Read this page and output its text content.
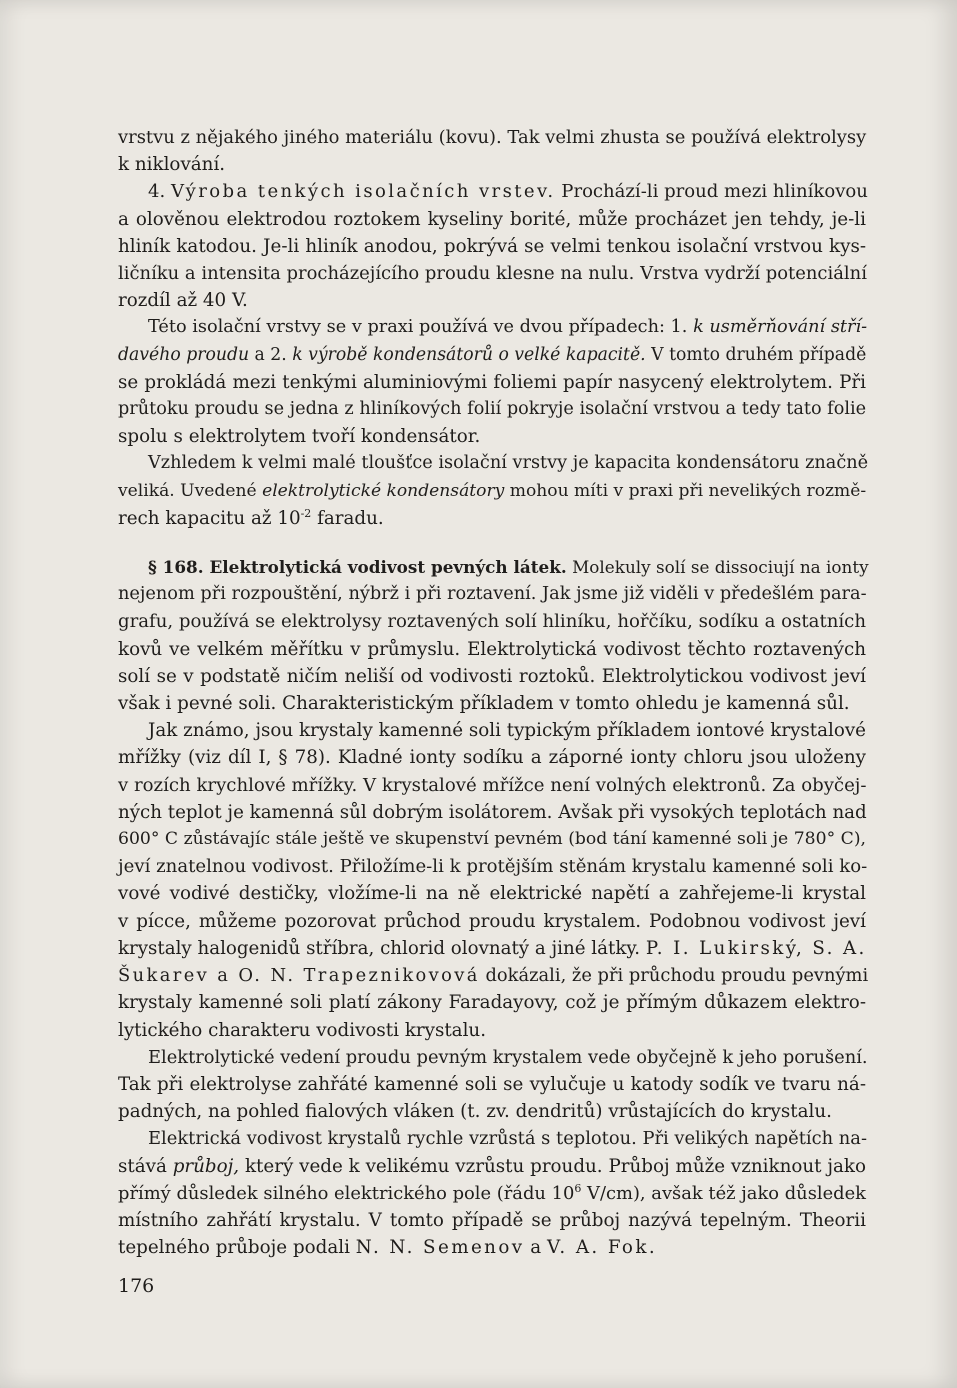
vrstvu z nějakého jiného materiálu (kovu). Tak velmi zhusta se používá elektrolysy
k niklování.

4. Výroba tenkých isolačních vrstev. Prochází-li proud mezi hliníkovou
a olověnou elektrodou roztokem kyseliny borité, může procházet jen tehdy, je-li
hliník katodou. Je-li hliník anodou, pokrývá se velmi tenkou isolační vrstvou kys-
ličníku a intensita procházejícího proudu klesne na nulu. Vrstva vydrží potenciální
rozdíl až 40 V.

Této isolační vrstvy se v praxi používá ve dvou případech: 1. k usměrňování stří-
davého proudu a 2. k výrobě kondensátorů o velké kapacitě. V tomto druhém případě
se prokládá mezi tenkými aluminiovými foliemi papír nasycený elektrolytem. Při
průtoku proudu se jedna z hliníkových folií pokryje isolační vrstvou a tedy tato folie
spolu s elektrolytem tvoří kondensátor.

Vzhledem k velmi malé tloušťce isolační vrstvy je kapacita kondensátoru značně
veliká. Uvedené elektrolytické kondensátory mohou míti v praxi při nevelikých rozmě-
rech kapacitu až $10^{-2}$ faradu.

§ 168. Elektrolytická vodivost pevných látek. Molekuly solí se dissociují na ionty
nejenom při rozpouštění, nýbrž i při roztavení. Jak jsme již viděli v předešlém para-
grafu, používá se elektrolysy roztavených solí hliníku, hořčíku, sodíku a ostatních
kovů ve velkém měřítku v průmyslu. Elektrolytická vodivost těchto roztavených
solí se v podstatě ničím neliší od vodivosti roztoků. Elektrolytickou vodivost jeví
však i pevné soli. Charakteristickým příkladem v tomto ohledu je kamenná sůl.

Jak známo, jsou krystaly kamenné soli typickým příkladem iontové krystalové
mřížky (viz díl I, § 78). Kladné ionty sodíku a záporné ionty chloru jsou uloženy
v rozích krychlové mřížky. V krystalové mřížce není volných elektronů. Za obyčej-
ných teplot je kamenná sůl dobrým isolátorem. Avšak při vysokých teplotách nad
600° C zůstávajíc stále ještě ve skupenství pevném (bod tání kamenné soli je 780° C),
jeví znatelnou vodivost. Přiložíme-li k protějším stěnám krystalu kamenné soli ko-
vové vodivé destičky, vložíme-li na ně elektrické napětí a zahřejeme-li krystal
v pícce, můžeme pozorovat průchod proudu krystalem. Podobnou vodivost jeví
krystaly halogenidů stříbra, chlorid olovnatý a jiné látky. P. I. Lukirský, S. A.
Šukarev a O. N. Trapeznikovová dokázali, že při průchodu proudu pevnými
krystaly kamenné soli platí zákony Faradayovy, což je přímým důkazem elektro-
lytického charakteru vodivosti krystalu.

Elektrolytické vedení proudu pevným krystalem vede obyčejně k jeho porušení.
Tak při elektrolyse zahřáté kamenné soli se vylučuje u katody sodík ve tvaru ná-
padných, na pohled fialových vláken (t. zv. dendritů) vrůstajících do krystalu.

Elektrická vodivost krystalů rychle vzrůstá s teplotou. Při velikých napětích na-
stává průboj, který vede k velikému vzrůstu proudu. Průboj může vzniknout jako
přímý důsledek silného elektrického pole (řádu $10^6$ V/cm), avšak též jako důsledek
místního zahřátí krystalu. V tomto případě se průboj nazývá tepelným. Theorii
tepelného průboje podali N. N. Semenov a V. A. Fok.

176
